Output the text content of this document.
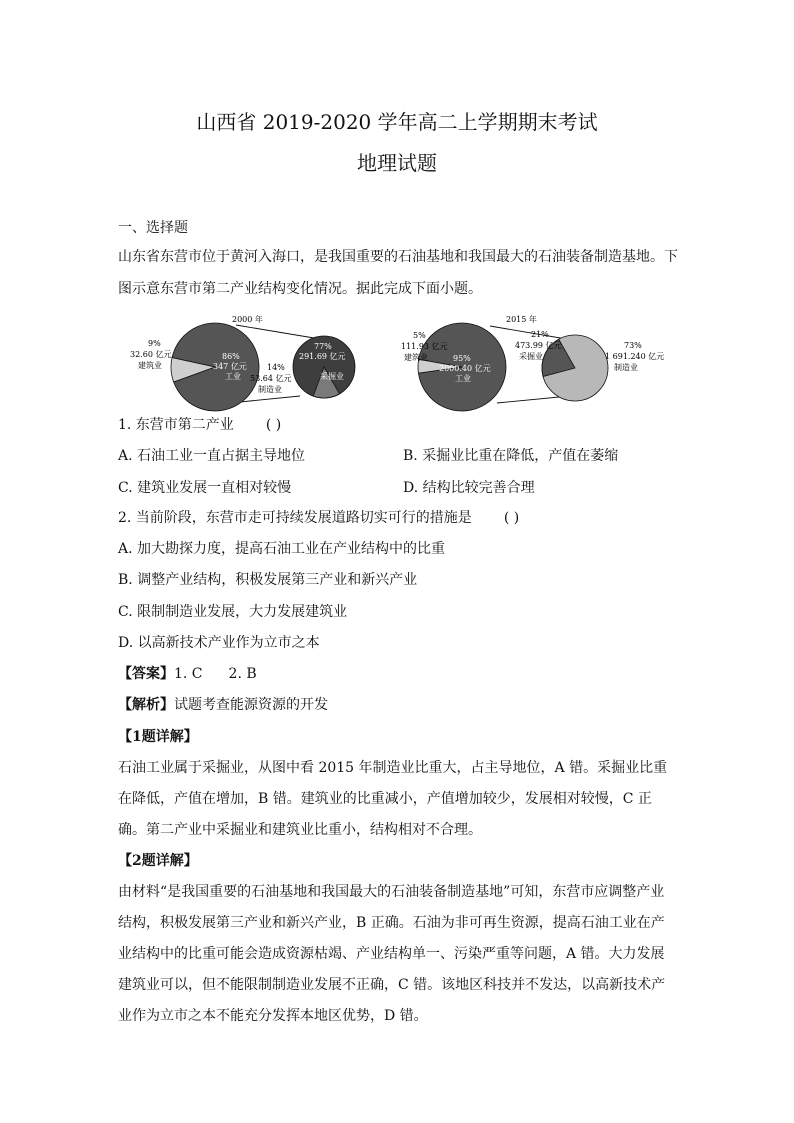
山西省 2019-2020 学年高二上学期期末考试
地理试题
一、选择题
山东省东营市位于黄河入海口，是我国重要的石油基地和我国最大的石油装备制造基地。下图示意东营市第二产业结构变化情况。据此完成下面小题。
2000 年
9%
32.60 亿元
建筑业
86%
347 亿元
工业
14%
53.64 亿元
制造业
77%
291.69 亿元
采掘业
2015 年
5%
111.93 亿元
建筑业	95%
2000.40 亿元
工业
21%
473.99 亿元
采掘业
73%
1 691.240 亿元
制造业
1. 东营市第二产业 ( )
A. 石油工业一直占据主导地位	B. 采掘业比重在降低，产值在萎缩
C. 建筑业发展一直相对较慢	D. 结构比较完善合理
2. 当前阶段，东营市走可持续发展道路切实可行的措施是 ( )
A. 加大勘探力度，提高石油工业在产业结构中的比重
B. 调整产业结构，积极发展第三产业和新兴产业
C. 限制制造业发展，大力发展建筑业
D. 以高新技术产业作为立市之本
【答案】1. C 2. B
【解析】试题考查能源资源的开发
【1题详解】
石油工业属于采掘业，从图中看 2015 年制造业比重大，占主导地位，A 错。采掘业比重在降低，产值在增加，B 错。建筑业的比重减小，产值增加较少，发展相对较慢，C 正确。第二产业中采掘业和建筑业比重小，结构相对不合理。
【2题详解】
由材料“是我国重要的石油基地和我国最大的石油装备制造基地”可知，东营市应调整产业结构，积极发展第三产业和新兴产业，B 正确。石油为非可再生资源，提高石油工业在产业结构中的比重可能会造成资源枯竭、产业结构单一、污染严重等问题，A 错。大力发展建筑业可以，但不能限制制造业发展不正确，C 错。该地区科技并不发达，以高新技术产业作为立市之本不能充分发挥本地区优势，D 错。
